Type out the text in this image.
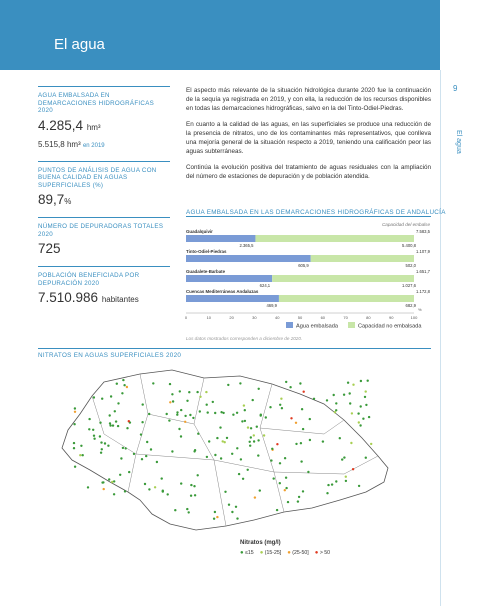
El agua
9
El agua
AGUA EMBALSADA EN DEMARCACIONES HIDROGRÁFICAS 2020
4.285,4 hm³
5.515,8 hm³ en 2019
PUNTOS DE ANÁLISIS DE AGUA CON BUENA CALIDAD EN AGUAS SUPERFICIALES (%)
89,7%
NÚMERO DE DEPURADORAS TOTALES 2020
725
POBLACIÓN BENEFICIADA POR DEPURACIÓN 2020
7.510.986 habitantes

El aspecto más relevante de la situación hidrológica durante 2020 fue la continuación de la sequía ya registrada en 2019, y con ella, la reducción de los recursos disponibles en todas las demarcaciones hidrográficas, salvo en la del Tinto-Odiel-Piedras.

En cuanto a la calidad de las aguas, en las superficiales se produce una reducción de la presencia de nitratos, uno de los contaminantes más representativos, que conlleva una mejoría general de la situación respecto a 2019, teniendo una calificación peor las aguas subterráneas.

Continúa la evolución positiva del tratamiento de aguas residuales con la ampliación del número de estaciones de depuración y de población atendida.

AGUA EMBALSADA EN LAS DEMARCACIONES HIDROGRÁFICAS DE ANDALUCÍA
Capacidad del embalse
Guadalquivir	7.583,5
2.365,5	5.400,8
Tinto-Odiel-Piedras	1.107,9
605,9	502,0
Guadalete-Barbate	1.651,7
624,1	1.027,6
Cuencas Mediterráneas Andaluzas	1.172,8
469,9	682,9
0	10	20	30	40	50	60	70	80	90	100
%
Agua embalsada	Capacidad no embalsada
Los datos mostrados corresponden a diciembre de 2020.
NITRATOS EN AGUAS SUPERFICIALES 2020
Nitratos (mg/l)
● ≤15 ● (15-25] ● (25-50] ● > 50
